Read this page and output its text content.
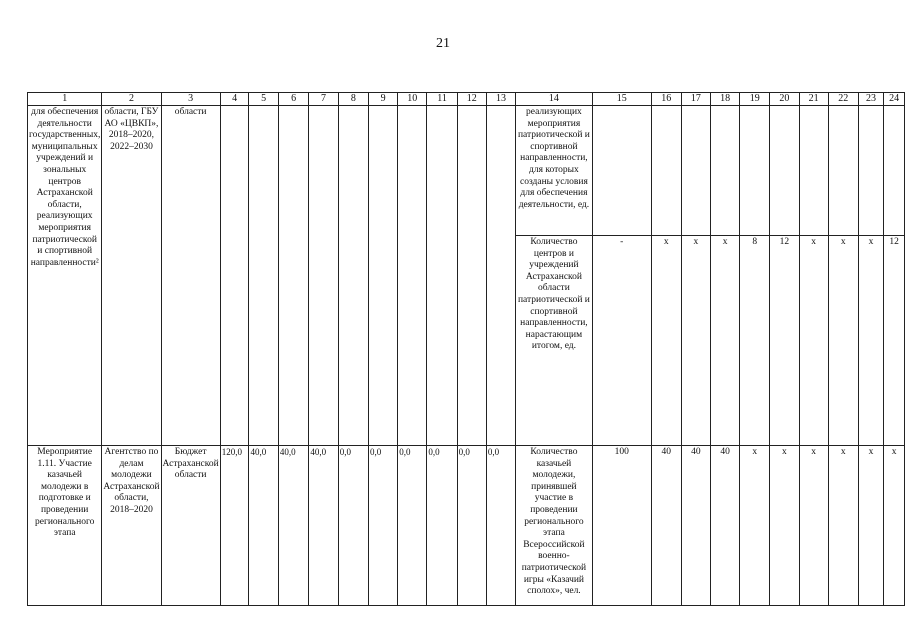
21
1	2	3	4	5	6	7	8	9	10	11	12	13	14	15	16	17	18	19	20	21	22	23	24
для обеспечения деятельности государственных, муниципальных учреждений и зональных центров Астраханской области, реализующих мероприятия патриотической и спортивной направленности²	области, ГБУ АО «ЦВКП», 2018–2020, 2022–2030	области											реализующих мероприятия патриотической и спортивной направленности, для которых созданы условия для обеспечения деятельности, ед.										
													Количество центров и учреждений Астраханской области патриотической и спортивной направленности, нарастающим итогом, ед.	-	x	x	x	8	12	x	x	x	12
Мероприятие 1.11. Участие казачьей молодежи в подготовке и проведении регионального этапа	Агентство по делам молодежи Астраханской области, 2018–2020	Бюджет Астраханской области	120,0	40,0	40,0	40,0	0,0	0,0	0,0	0,0	0,0	0,0	Количество казачьей молодежи, принявшей участие в проведении регионального этапа Всероссийской военно-патриотической игры «Казачий сполох», чел.	100	40	40	40	x	x	x	x	x	x
